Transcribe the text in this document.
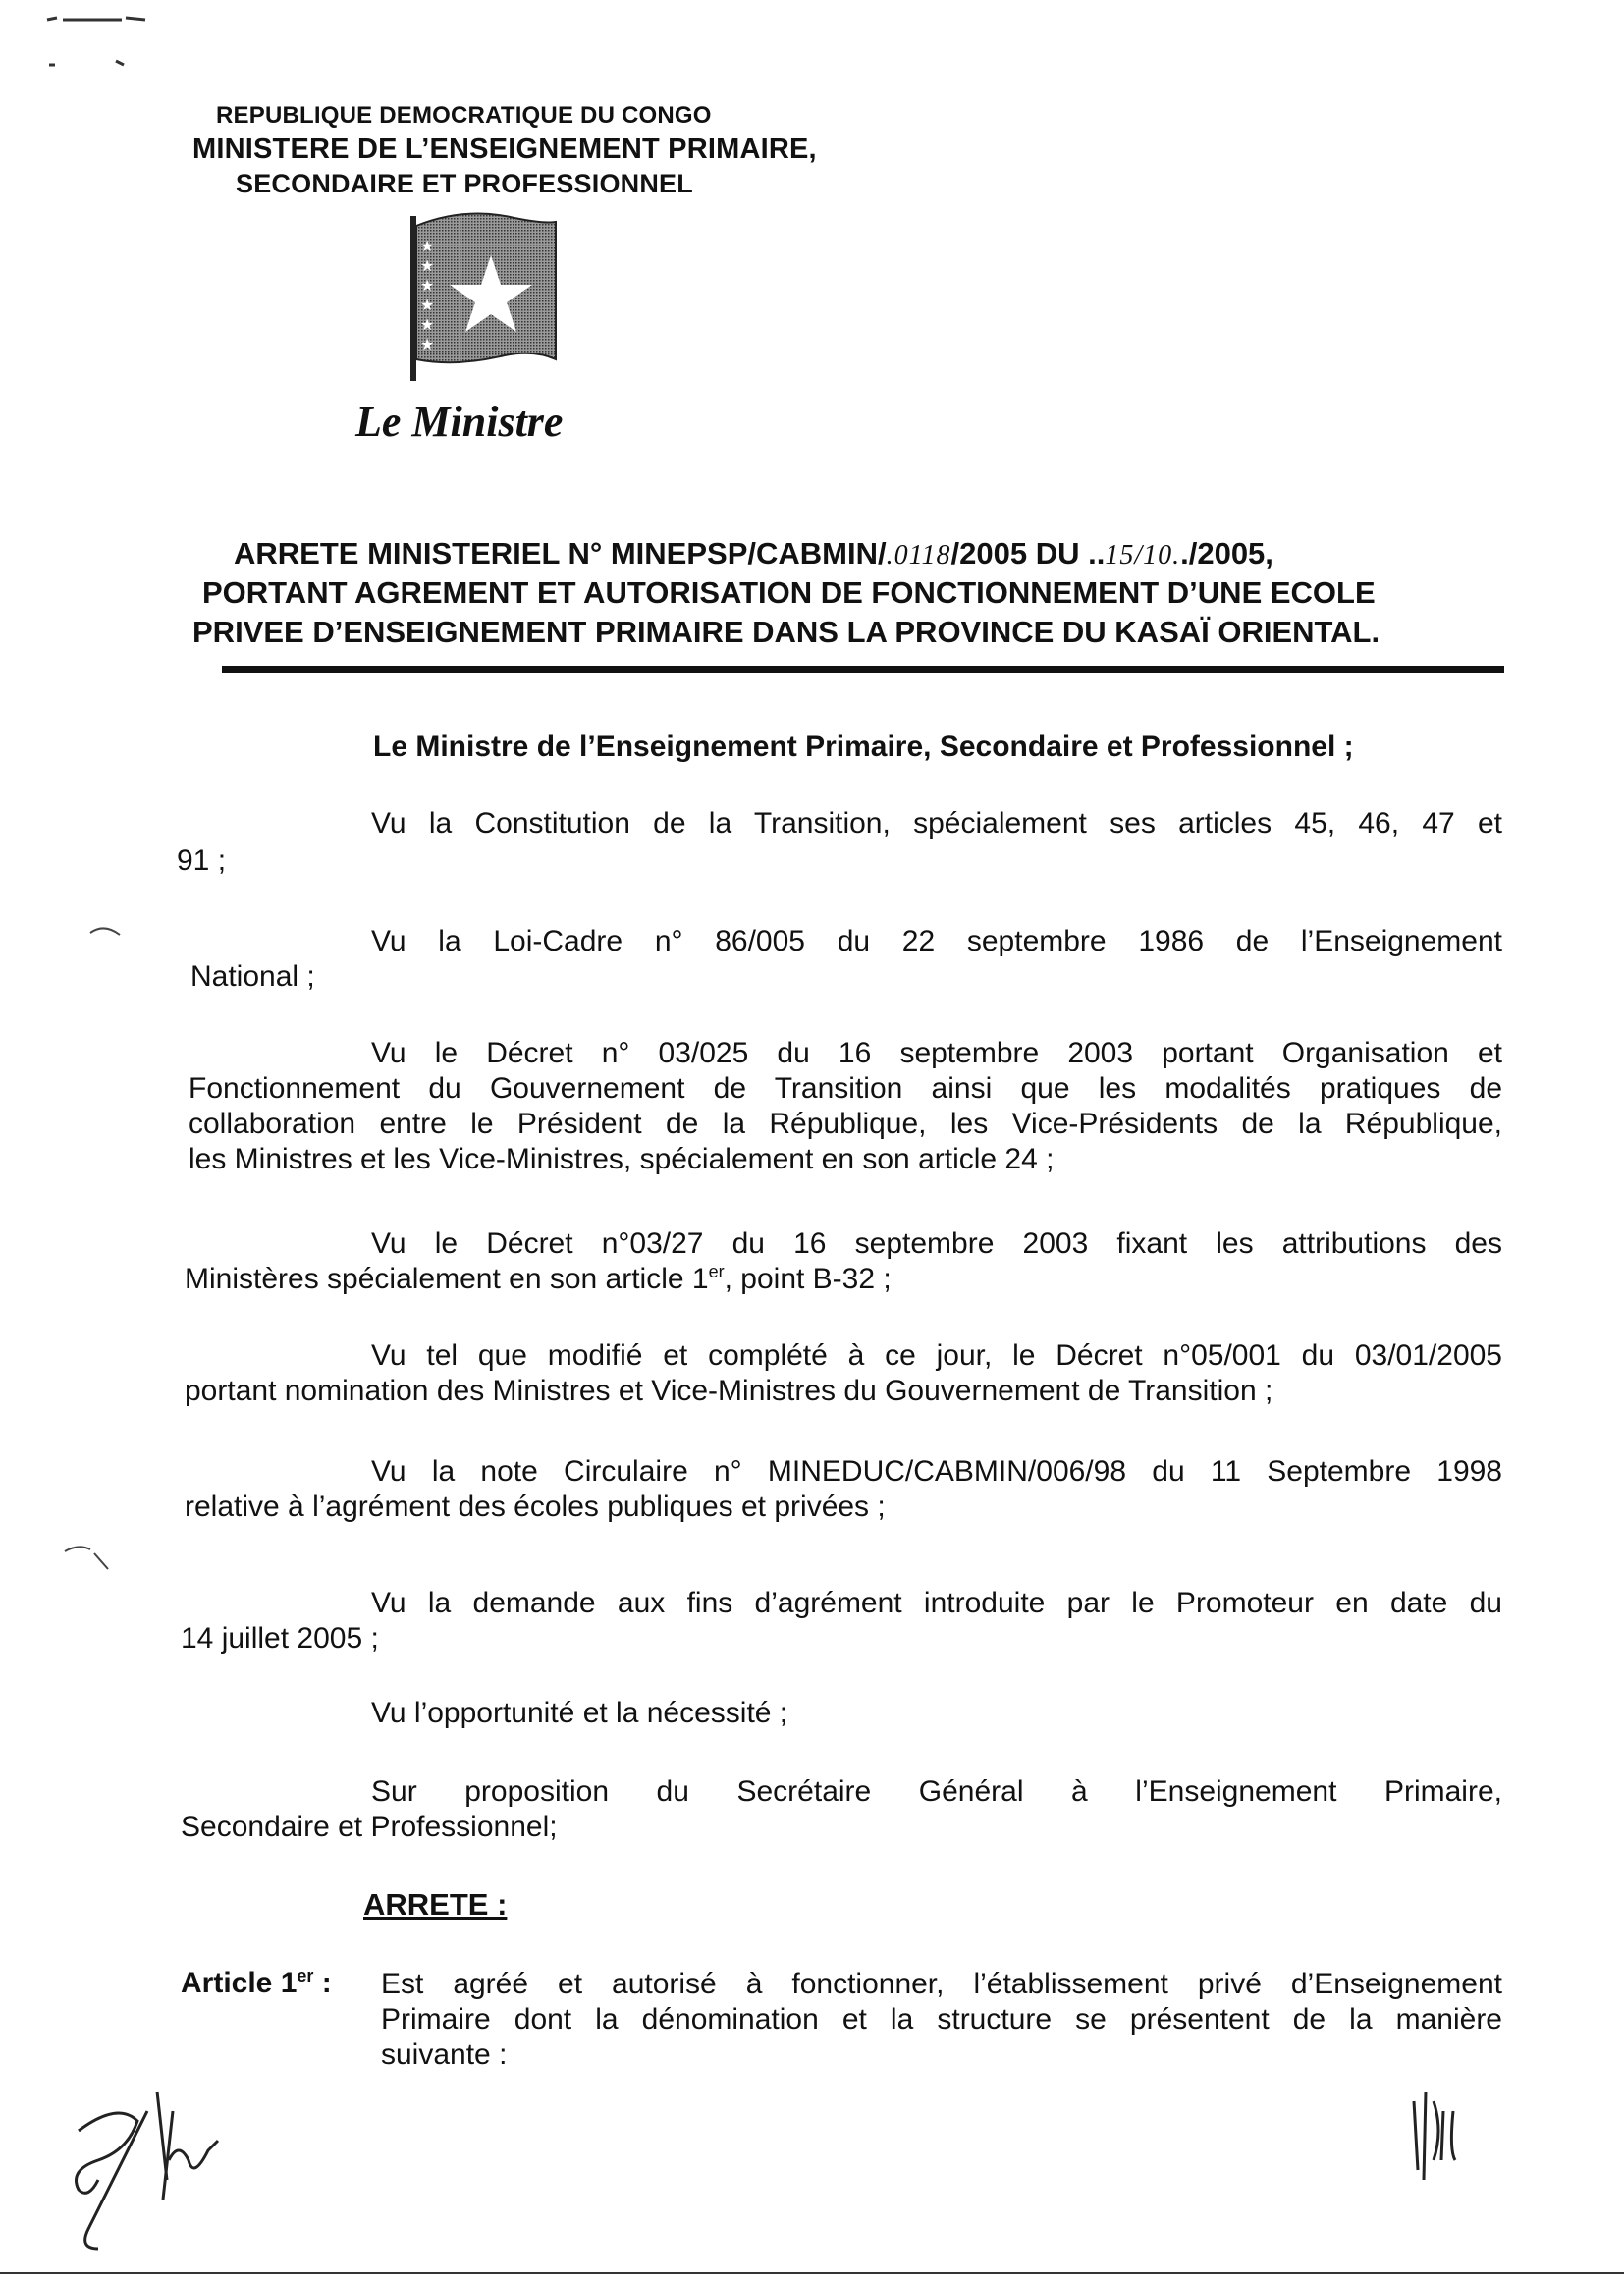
REPUBLIQUE DEMOCRATIQUE DU CONGO
MINISTERE DE L’ENSEIGNEMENT PRIMAIRE,
SECONDAIRE ET PROFESSIONNEL
★
★
★
★
★
★
Le Ministre
ARRETE MINISTERIEL N° MINEPSP/CABMIN/.0118/2005 DU ..15/10../2005,
PORTANT AGREMENT ET AUTORISATION DE FONCTIONNEMENT D’UNE ECOLE
PRIVEE D’ENSEIGNEMENT PRIMAIRE DANS LA PROVINCE DU KASAÏ ORIENTAL.
Le Ministre de l’Enseignement Primaire, Secondaire et Professionnel ;
Vu la Constitution de la Transition, spécialement ses articles 45, 46, 47 et
91 ;
Vu la Loi-Cadre n° 86/005 du 22 septembre 1986 de l’Enseignement
National ;
Vu le Décret n° 03/025 du 16 septembre 2003 portant Organisation et
Fonctionnement du Gouvernement de Transition ainsi que les modalités pratiques de
collaboration entre le Président de la République, les Vice-Présidents de la République,
les Ministres et les Vice-Ministres, spécialement en son article 24 ;
Vu le Décret n°03/27 du 16 septembre 2003 fixant les attributions des
Ministères spécialement en son article 1er, point B-32 ;
Vu tel que modifié et complété à ce jour, le Décret n°05/001 du 03/01/2005
portant nomination des Ministres et Vice-Ministres du Gouvernement de Transition ;
Vu la note Circulaire n° MINEDUC/CABMIN/006/98 du 11 Septembre 1998
relative à l’agrément des écoles publiques et privées ;
Vu la demande aux fins d’agrément introduite par le Promoteur en date du
14 juillet 2005 ;
Vu l’opportunité et la nécessité ;
Sur proposition du Secrétaire Général à l’Enseignement Primaire,
Secondaire et Professionnel;
ARRETE :
Article 1er : Est agréé et autorisé à fonctionner, l’établissement privé d’Enseignement
Primaire dont la dénomination et la structure se présentent de la manière
suivante :
